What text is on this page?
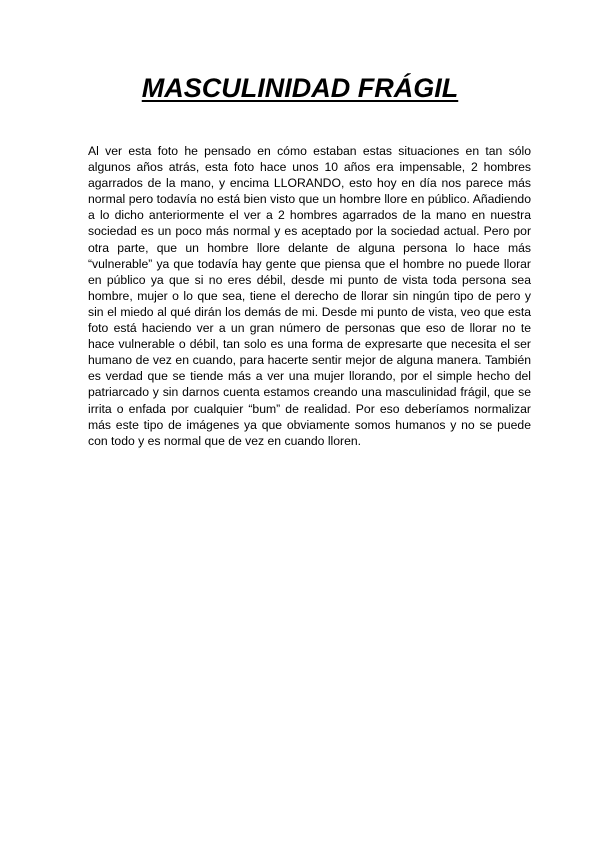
MASCULINIDAD FRÁGIL

Al ver esta foto he pensado en cómo estaban estas situaciones en tan sólo algunos años atrás, esta foto hace unos 10 años era impensable, 2 hombres agarrados de la mano, y encima LLORANDO, esto hoy en día nos parece más normal pero todavía no está bien visto que un hombre llore en público. Añadiendo a lo dicho anteriormente el ver a 2 hombres agarrados de la mano en nuestra sociedad es un poco más normal y es aceptado por la sociedad actual. Pero por otra parte, que un hombre llore delante de alguna persona lo hace más “vulnerable” ya que todavía hay gente que piensa que el hombre no puede llorar en público ya que si no eres débil, desde mi punto de vista toda persona sea hombre, mujer o lo que sea, tiene el derecho de llorar sin ningún tipo de pero y sin el miedo al qué dirán los demás de mi. Desde mi punto de vista, veo que esta foto está haciendo ver a un gran número de personas que eso de llorar no te hace vulnerable o débil, tan solo es una forma de expresarte que necesita el ser humano de vez en cuando, para hacerte sentir mejor de alguna manera. También es verdad que se tiende más a ver una mujer llorando, por el simple hecho del patriarcado y sin darnos cuenta estamos creando una masculinidad frágil, que se irrita o enfada por cualquier “bum” de realidad. Por eso deberíamos normalizar más este tipo de imágenes ya que obviamente somos humanos y no se puede con todo y es normal que de vez en cuando lloren.
